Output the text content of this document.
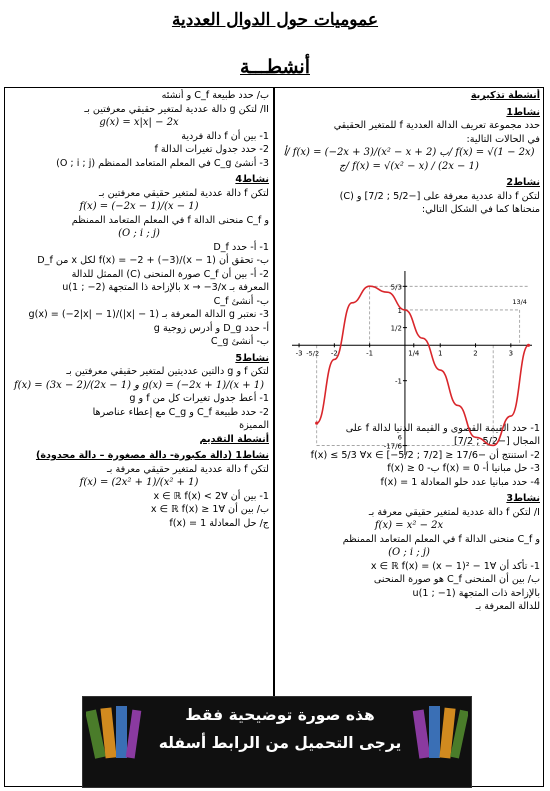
عموميات حول الدوال العددية
أنشطـــة
أنشطة تذكيرية
نشاط1
حدد مجموعة تعريف الدالة العددية f للمتغير الحقيقي
في الحالات التالية:
أ/ f(x) = (−2x + 3)/(x² − x + 2) ب/ f(x) = √(1 − 2x)
ج/ f(x) = √(x² − x) / (2x − 1)
نشاط2
لتكن f دالة عددية معرفة على [−5/2 ; 7/2] و (C)
منحناها كما في الشكل التالي:
1- حدد القيمة القصوى و القيمة الدنيا لدالة f على
المجال [−5/2 ; 7/2]
2- استنتج أن −17/6 ≤ f(x) ≤ 5/3 ∀x ∈ [−5/2 ; 7/2]
3- حل مبانيا أ- f(x) = 0 ب- f(x) ≥ 0
4- حدد مبانيا عدد حلو المعادلة f(x) = 1
نشاط3
I/ لتكن f دالة عددية لمتغير حقيقي معرفة بـ
f(x) = x² − 2x
و C_f منحنى الدالة f في المعلم المتعامد الممنظم
(O ; i ; j)
1- تأكد أن ∀x ∈ ℝ f(x) = (x − 1)² − 1
ب/ بين أن المنحنى C_f هو صورة المنحنى
بالإزاحة ذات المتجهة u(1 ; −1)
للدالة المعرفة بـ
ب/ حدد طبيعة C_f و أنشئه
II/ لتكن g دالة عددية لمتغير حقيقي معرفتين بـ
g(x) = x|x| − 2x
1- بين أن f دالة فردية
2- حدد جدول تغيرات الدالة f
3- أنشئ C_g في المعلم المتعامد الممنظم (O ; i ; j)
نشاط4
لتكن f دالة عددية لمتغير حقيقي معرفتين بـ
f(x) = (−2x − 1)/(x − 1)
و C_f منحنى الدالة f في المعلم المتعامد الممنظم
(O ; i ; j)
1- أ- حدد D_f
ب- تحقق أن f(x) = −2 + (−3)/(x − 1) لكل x من D_f
2- أ- بين أن C_f صورة المنحنى (C) الممثل للدالة
المعرفة بـ x → −3/x بالإزاحة ذا المتجهة u(1 ; −2)
ب- أنشئ C_f
3- نعتبر g الدالة المعرفة بـ g(x) = (−2|x| − 1)/(|x| − 1)
أ- حدد D_g و أدرس زوجية g
ب- أنشئ C_g
نشاط5
لتكن f و g دالتين عدديتين لمتغير حقيقي معرفتين بـ
f(x) = (3x − 2)/(2x − 1) و g(x) = (−2x + 1)/(x + 1)
1- أعط جدول تغيرات كل من f و g
2- حدد طبيعة C_f و C_g مع إعطاء عناصرها
المميزة
أنشطة التقديم
نشاط1 (دالة مكبورة- دالة مصغورة – دالة محدودة)
لتكن f دالة عددية لمتغير حقيقي معرفة بـ
f(x) = (2x² + 1)/(x² + 1)
1- بين أن ∀x ∈ ℝ f(x) < 2
ب/ بين أن ∀x ∈ ℝ f(x) ≥ 1
ج/ حل المعادلة f(x) = 1
-3	-2	-1	1/4	1	2	3
5/3
1
1/2
-1
-17/6
-5/2
13/4
6
هذه صورة توضيحية فقط
يرجى التحميل من الرابط أسفله
